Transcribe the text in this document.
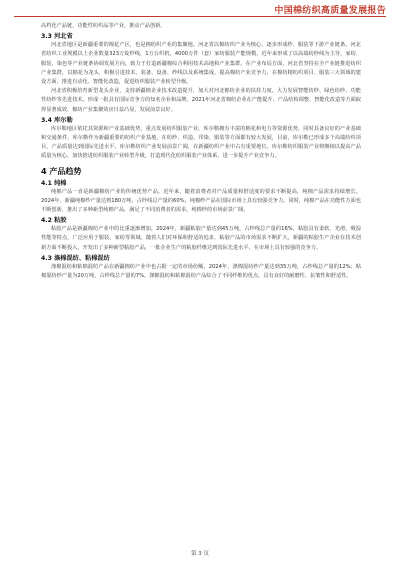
中国棉纺织高质量发展报告

高档化产品链，功能性纺织品等产业，推动产品创新。

3.3 河北省

河北省地区是新疆重要的棉花产区，也是棉纺织产业的集聚地。河北省以棉纺织产业为核心，逐步形成纱、服装等下游产业链条。河北省纺织工业规模以上企业数量323万锭纱线，1万台织机，4000万件（套）家纺服装产能规模，近年来形成了以高端纺纱线为主导，家纺、服装、染色等产业链条协调发展方向，致力于打造新疆棉综合利用技术高地和产业集群。在产业布局方面，河北省坚持在全产业链推进纺织产业集群，以棉花为龙头，积极引进技术、装备、设备、纱线以及系统集成，提高棉纺产业竞争力，在棉纺精纺织项目、服装三大领域的建设方面，推进自动化、智能化改造，促进纺织服装产业转型升级。

河北省积极培育新型龙头企业，支持新疆棉企业技术改造提升，加大对河北棉纺企业的扶持力度。大力发展智能纺纱、绿色纺纱、功能性纺纱等先进技术，形成一批具有国际竞争力的知名企业和品牌。2021年河北省棉纺企业在产能提升、产品结构调整、智能化改造等方面取得显著成效，棉纺产业集聚效应日益凸显，发展前景良好。

3.4 库尔勒

库尔勒地区依托其资源和产业基础优势，重点发展纺织服装产业，库尔勒拥有丰富的棉花和电力等资源优势，同时具备良好的产业基础和交通条件，库尔勒作为新疆重要的纺织产业基地，在纺纱、织造、印染、服装等方面都有较大发展，目前，库尔勒已形成多个高端纺织项目，产品质量达到国际先进水平，库尔勒纺织产业发展前景广阔，在新疆纺织产业中占有重要地位。库尔勒纺织服装产业将继续以提高产品质量为核心，加快推进纺织服装产业转型升级，打造现代化纺织服装产业体系，进一步提升产业竞争力。

4 产品趋势
4.1 纯棉

纯棉产品一直是新疆棉纺产业的传统优势产品。近年来，随着消费者对产品质量和舒适度的要求不断提高，纯棉产品需求持续增长。2024年，新疆纯棉纱产量达到180万吨，占纱线总产量的60%，纯棉纱产品在国际市场上具有较强竞争力。同时，纯棉产品在功能性方面也不断创新，推出了多种新型纯棉产品，满足了不同消费者的需求，纯棉纱的市场前景广阔。

4.2 粘胶

粘胶产品是新疆棉纺产业中的比重逐渐增加。2024年，新疆粘胶产量达到45万吨，占纱线总产量的16%，粘胶具有柔软、光滑、吸湿性能等特点，广泛应用于服装、家纺等领域。随着人们对环保和舒适的追求，粘胶产品的市场需求不断扩大，新疆的粘胶生产企业在技术创新方面不断投入，开发出了多种新型粘胶产品，一批企业生产的粘胶纤维达到国际先进水平，在市场上具有较强的竞争力。

4.3 涤棉混纺、粘棉混纺

涤棉混纺和粘棉混纺产品在新疆棉纺产业中也占据一定的市场份额。2024年，涤棉混纺纱产量达到35万吨，占纱线总产量的12%；粘棉混纺纱产量为20万吨，占纱线总产量的7%。涤棉混纺和粘棉混纺产品综合了不同纤维的优点，具有良好的耐磨性、抗皱性和舒适性。

第 3 页
